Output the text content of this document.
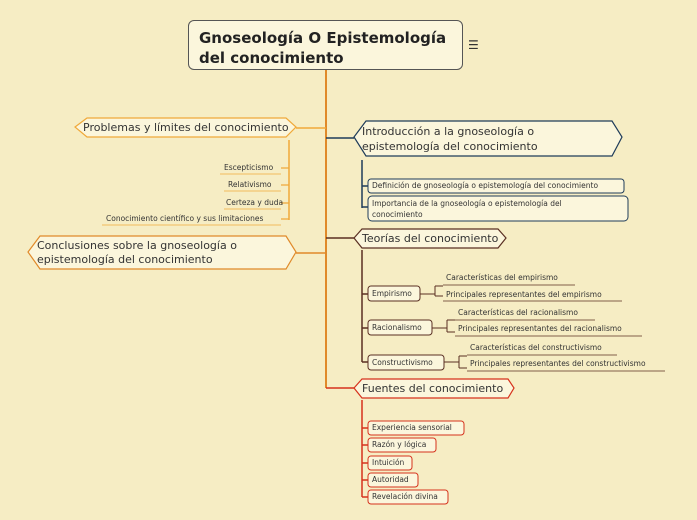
Gnoseología O Epistemología
del conocimiento
☰
Problemas y límites del conocimiento
Escepticismo
Relativismo
Certeza y duda
Conocimiento científico y sus limitaciones
Conclusiones sobre la gnoseología o
epistemología del conocimiento
Introducción a la gnoseología o
epistemología del conocimiento
Definición de gnoseología o epistemología del conocimiento
Importancia de la gnoseología o epistemología del
conocimiento
Teorías del conocimiento
Empirismo
Características del empirismo
Principales representantes del empirismo
Racionalismo
Características del racionalismo
Principales representantes del racionalismo
Constructivismo
Características del constructivismo
Principales representantes del constructivismo
Fuentes del conocimiento
Experiencia sensorial
Razón y lógica
Intuición
Autoridad
Revelación divina
